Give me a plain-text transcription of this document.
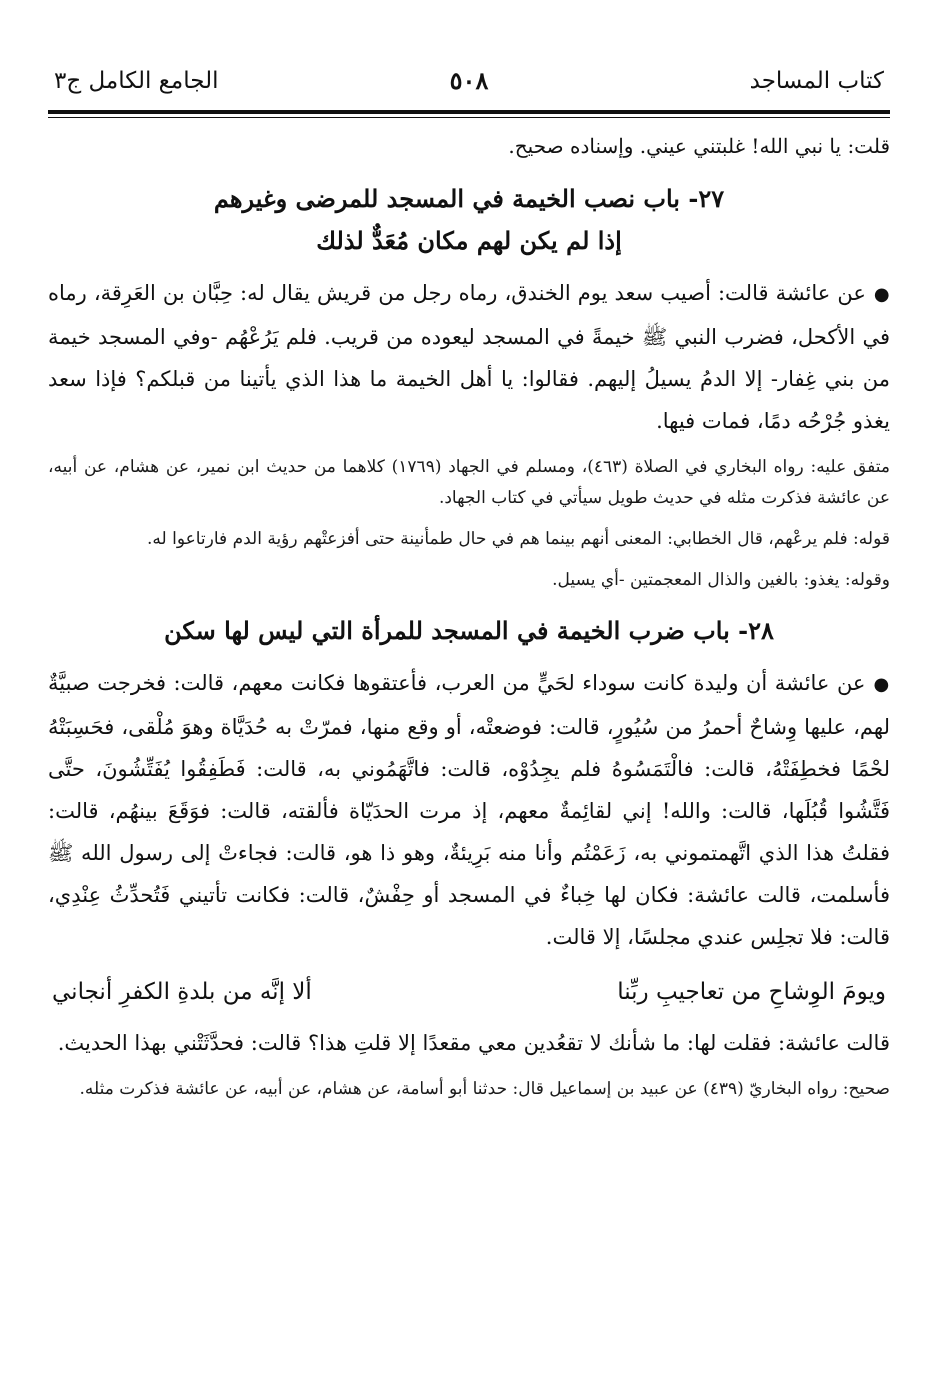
كتاب المساجد
٥٠٨
الجامع الكامل ج٣

قلت: يا نبي الله! غلبتني عيني. وإسناده صحيح.

٢٧- باب نصب الخيمة في المسجد للمرضى وغيرهم
إذا لم يكن لهم مكان مُعَدٌّ لذلك

●عن عائشة قالت: أصيب سعد يوم الخندق، رماه رجل من قريش يقال له: حِبَّان بن العَرِقة، رماه في الأكحل، فضرب النبي ﷺ خيمةً في المسجد ليعوده من قريب. فلم يَرُعْهُم -وفي المسجد خيمة من بني غِفار- إلا الدمُ يسيلُ إليهم. فقالوا: يا أهل الخيمة ما هذا الذي يأتينا من قبلكم؟ فإذا سعد يغذو جُرْحُه دمًا، فمات فيها.

متفق عليه: رواه البخاري في الصلاة (٤٦٣)، ومسلم في الجهاد (١٧٦٩) كلاهما من حديث ابن نمير، عن هشام، عن أبيه، عن عائشة فذكرت مثله في حديث طويل سيأتي في كتاب الجهاد.

قوله: فلم يرعْهم، قال الخطابي: المعنى أنهم بينما هم في حال طمأنينة حتى أفزعتْهم رؤية الدم فارتاعوا له.

وقوله: يغذو: بالغين والذال المعجمتين -أي يسيل.

٢٨- باب ضرب الخيمة في المسجد للمرأة التي ليس لها سكن

●عن عائشة أن وليدة كانت سوداء لحَيٍّ من العرب، فأعتقوها فكانت معهم، قالت: فخرجت صبيَّةٌ لهم، عليها وِشاحٌ أحمرُ من سُيُورٍ، قالت: فوضعتْه، أو وقع منها، فمرّتْ به حُدَيَّاة وهوَ مُلْقى، فحَسِبَتْهُ لحْمًا فخطِفَتْهُ، قالت: فالْتَمَسُوهُ فلم يجِدُوْه، قالت: فاتَّهَمُوني به، قالت: فَطَفِقُوا يُفَتِّشُونَ، حتَّى فَتَّشُوا قُبُلَها، قالت: والله! إني لقائِمةٌ معهم، إذ مرت الحدَيّاة فألقته، قالت: فوَقَعَ بينهُم، قالت: فقلتُ هذا الذي اتَّهمتموني به، زَعَمْتُم وأنا منه بَرِيئةٌ، وهو ذا هو، قالت: فجاءتْ إلى رسول الله ﷺ فأسلمت، قالت عائشة: فكان لها خِباءٌ في المسجد أو حِفْشٌ، قالت: فكانت تأتيني فَتُحدِّثُ عِنْدِي، قالت: فلا تجلِس عندي مجلسًا، إلا قالت.

ويومَ الوِشاحِ من تعاجيبِ ربِّنا
ألا إنَّه من بلدةِ الكفرِ أنجاني

قالت عائشة: فقلت لها: ما شأنك لا تقعُدين معي مقعدًا إلا قلتِ هذا؟ قالت: فحدَّثَتْني بهذا الحديث.

صحيح: رواه البخاريّ (٤٣٩) عن عبيد بن إسماعيل قال: حدثنا أبو أسامة، عن هشام، عن أبيه، عن عائشة فذكرت مثله.
